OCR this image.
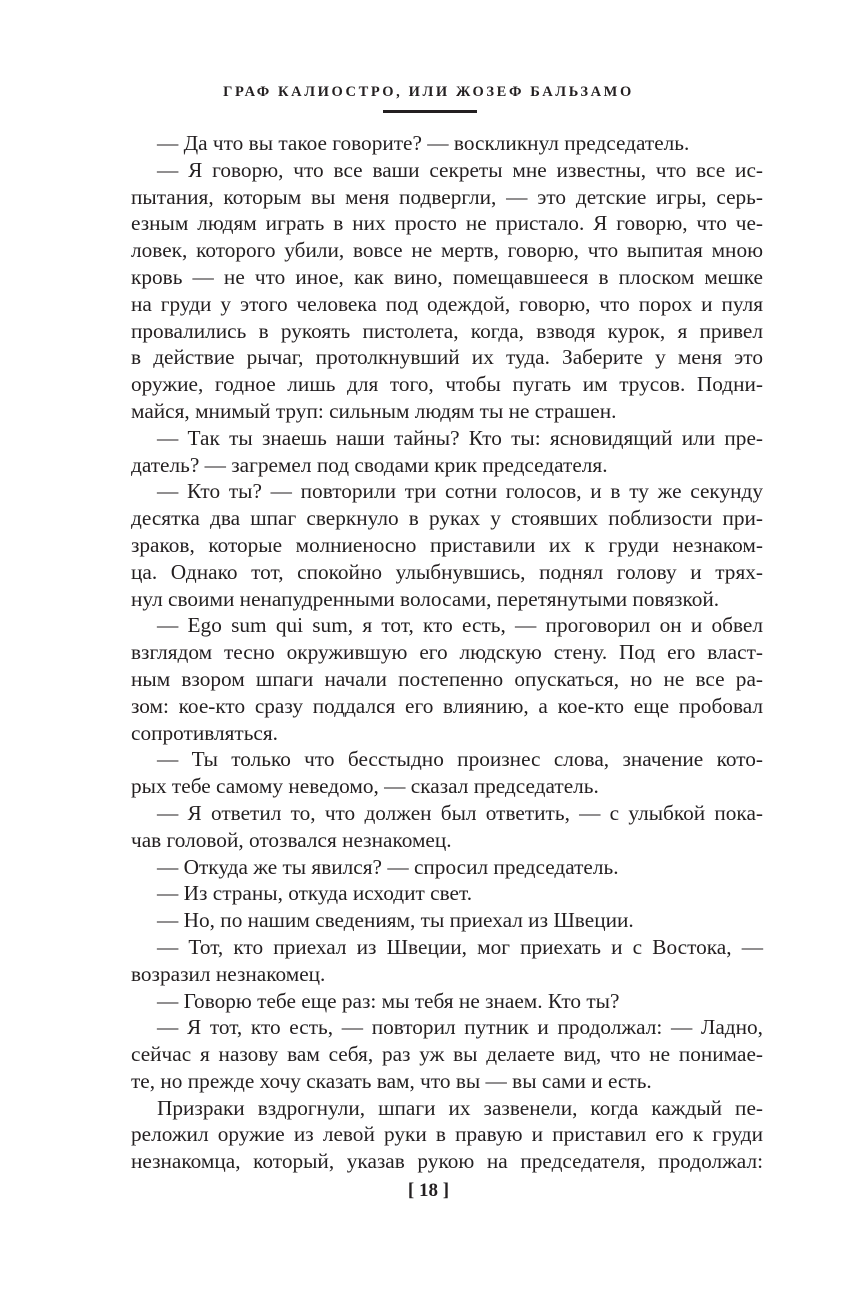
ГРАФ КАЛИОСТРО, ИЛИ ЖОЗЕФ БАЛЬЗАМО
— Да что вы такое говорите? — воскликнул председатель.
— Я говорю, что все ваши секреты мне известны, что все ис-
пытания, которым вы меня подвергли, — это детские игры, серь-
езным людям играть в них просто не пристало. Я говорю, что че-
ловек, которого убили, вовсе не мертв, говорю, что выпитая мною
кровь — не что иное, как вино, помещавшееся в плоском мешке
на груди у этого человека под одеждой, говорю, что порох и пуля
провалились в рукоять пистолета, когда, взводя курок, я привел
в действие рычаг, протолкнувший их туда. Заберите у меня это
оружие, годное лишь для того, чтобы пугать им трусов. Подни-
майся, мнимый труп: сильным людям ты не страшен.
— Так ты знаешь наши тайны? Кто ты: ясновидящий или пре-
датель? — загремел под сводами крик председателя.
— Кто ты? — повторили три сотни голосов, и в ту же секунду
десятка два шпаг сверкнуло в руках у стоявших поблизости при-
зраков, которые молниеносно приставили их к груди незнаком-
ца. Однако тот, спокойно улыбнувшись, поднял голову и трях-
нул своими ненапудренными волосами, перетянутыми повязкой.
— Ego sum qui sum, я тот, кто есть, — проговорил он и обвел
взглядом тесно окружившую его людскую стену. Под его власт-
ным взором шпаги начали постепенно опускаться, но не все ра-
зом: кое-кто сразу поддался его влиянию, а кое-кто еще пробовал
сопротивляться.
— Ты только что бесстыдно произнес слова, значение кото-
рых тебе самому неведомо, — сказал председатель.
— Я ответил то, что должен был ответить, — с улыбкой пока-
чав головой, отозвался незнакомец.
— Откуда же ты явился? — спросил председатель.
— Из страны, откуда исходит свет.
— Но, по нашим сведениям, ты приехал из Швеции.
— Тот, кто приехал из Швеции, мог приехать и с Востока, —
возразил незнакомец.
— Говорю тебе еще раз: мы тебя не знаем. Кто ты?
— Я тот, кто есть, — повторил путник и продолжал: — Ладно,
сейчас я назову вам себя, раз уж вы делаете вид, что не понимае-
те, но прежде хочу сказать вам, что вы — вы сами и есть.
Призраки вздрогнули, шпаги их зазвенели, когда каждый пе-
реложил оружие из левой руки в правую и приставил его к груди
незнакомца, который, указав рукою на председателя, продолжал:
[ 18 ]
